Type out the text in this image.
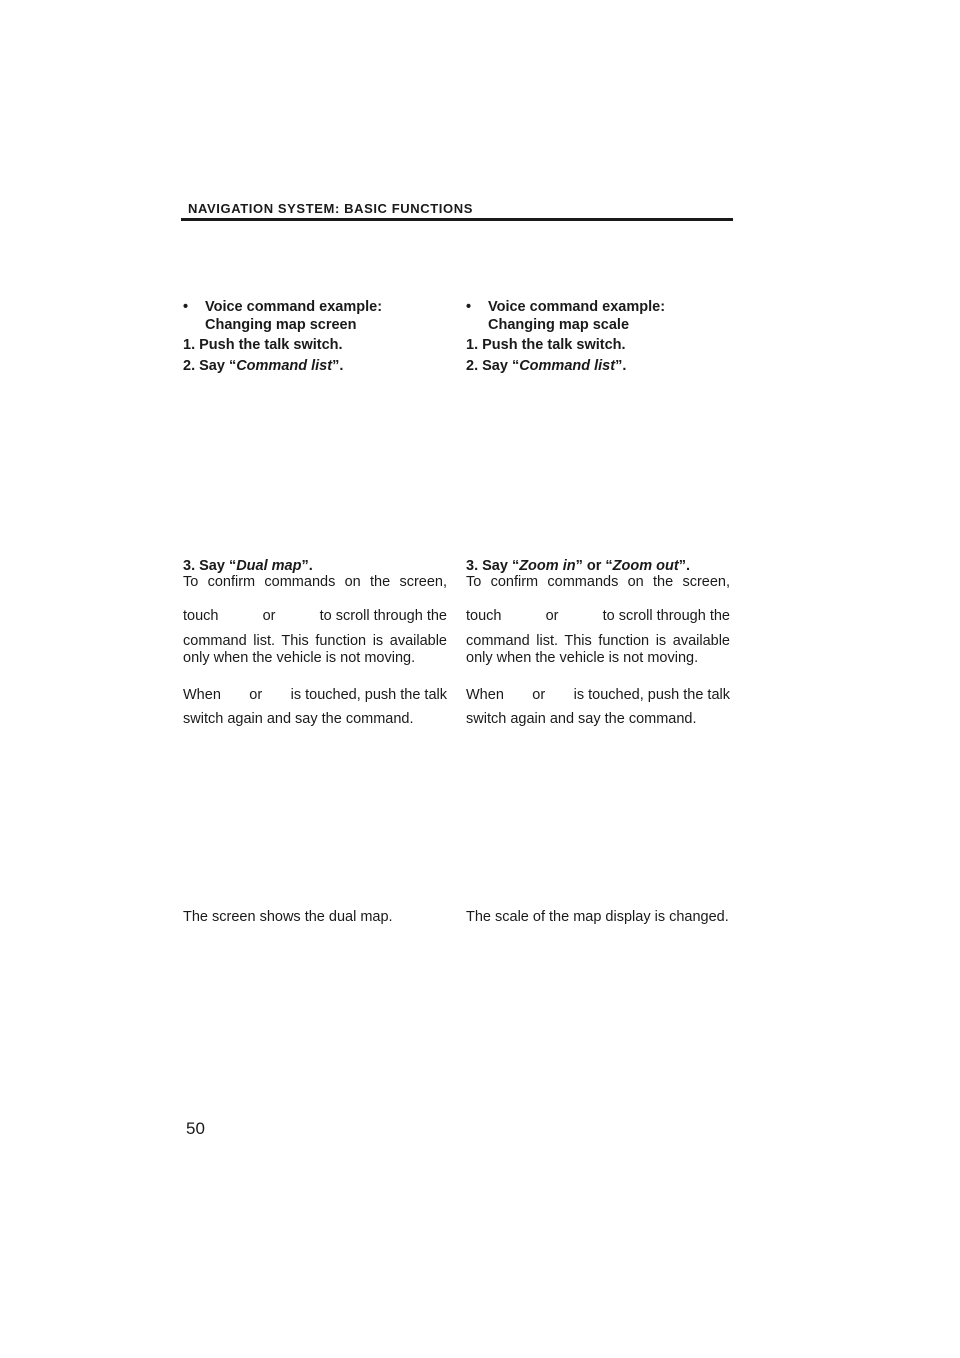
NAVIGATION SYSTEM: BASIC FUNCTIONS
•	Voice command example: Changing map screen
1. Push the talk switch.
2. Say “Command list”.
3. Say “Dual map”.
To confirm commands on the screen,
touch	or	to scroll through the
command list. This function is available
only when the vehicle is not moving.
When or is touched, push the talk
switch again and say the command.
The screen shows the dual map.
•	Voice command example: Changing map scale
1. Push the talk switch.
2. Say “Command list”.
3. Say “Zoom in” or “Zoom out”.
To confirm commands on the screen,
touch	or	to scroll through the
command list. This function is available
only when the vehicle is not moving.
When or is touched, push the talk
switch again and say the command.
The scale of the map display is changed.
50
